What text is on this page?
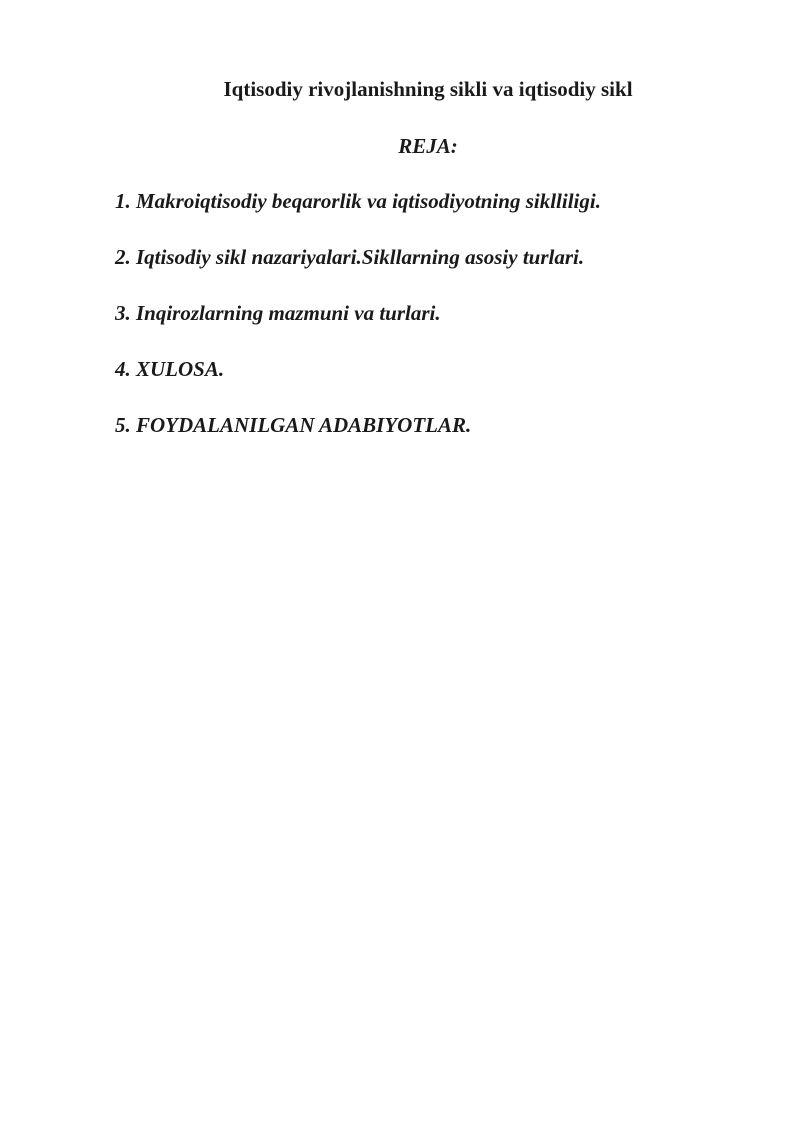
Iqtisodiy rivojlanishning sikli va iqtisodiy sikl
REJA:
1. Makroiqtisodiy beqarorlik va iqtisodiyotning siklliligi.
2. Iqtisodiy sikl nazariyalari.Sikllarning asosiy turlari.
3. Inqirozlarning mazmuni va turlari.
4. XULOSA.
5. FOYDALANILGAN ADABIYOTLAR.
